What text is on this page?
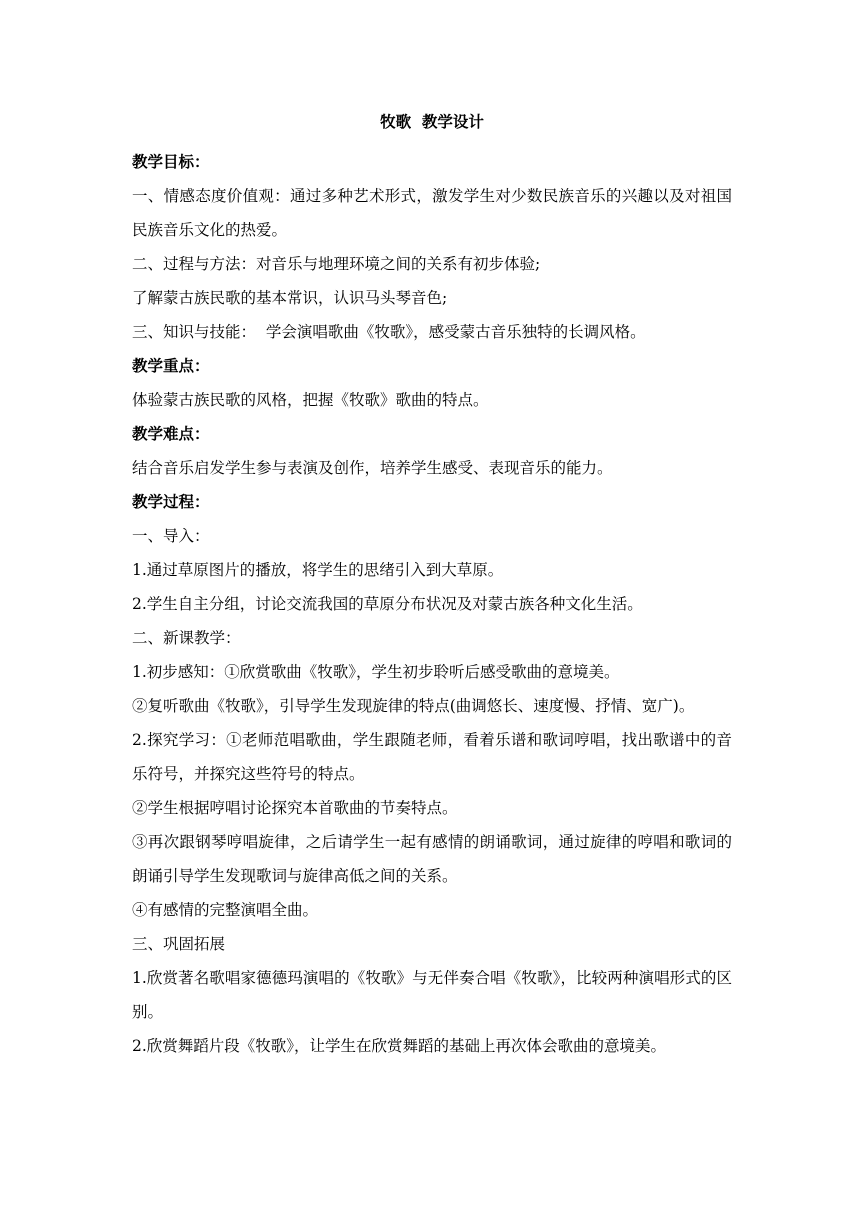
牧歌  教学设计

教学目标：

一、情感态度价值观：通过多种艺术形式，激发学生对少数民族音乐的兴趣以及对祖国民族音乐文化的热爱。

二、过程与方法：对音乐与地理环境之间的关系有初步体验;

了解蒙古族民歌的基本常识，认识马头琴音色;

三、知识与技能：  学会演唱歌曲《牧歌》，感受蒙古音乐独特的长调风格。

教学重点：

体验蒙古族民歌的风格，把握《牧歌》歌曲的特点。

教学难点：

结合音乐启发学生参与表演及创作，培养学生感受、表现音乐的能力。

教学过程：

一、导入：

1.通过草原图片的播放，将学生的思绪引入到大草原。

2.学生自主分组，讨论交流我国的草原分布状况及对蒙古族各种文化生活。

二、新课教学：

1.初步感知：①欣赏歌曲《牧歌》，学生初步聆听后感受歌曲的意境美。

②复听歌曲《牧歌》，引导学生发现旋律的特点(曲调悠长、速度慢、抒情、宽广)。

2.探究学习：①老师范唱歌曲，学生跟随老师，看着乐谱和歌词哼唱，找出歌谱中的音乐符号，并探究这些符号的特点。

②学生根据哼唱讨论探究本首歌曲的节奏特点。

③再次跟钢琴哼唱旋律，之后请学生一起有感情的朗诵歌词，通过旋律的哼唱和歌词的朗诵引导学生发现歌词与旋律高低之间的关系。

④有感情的完整演唱全曲。

三、巩固拓展

1.欣赏著名歌唱家德德玛演唱的《牧歌》与无伴奏合唱《牧歌》，比较两种演唱形式的区别。

2.欣赏舞蹈片段《牧歌》，让学生在欣赏舞蹈的基础上再次体会歌曲的意境美。
